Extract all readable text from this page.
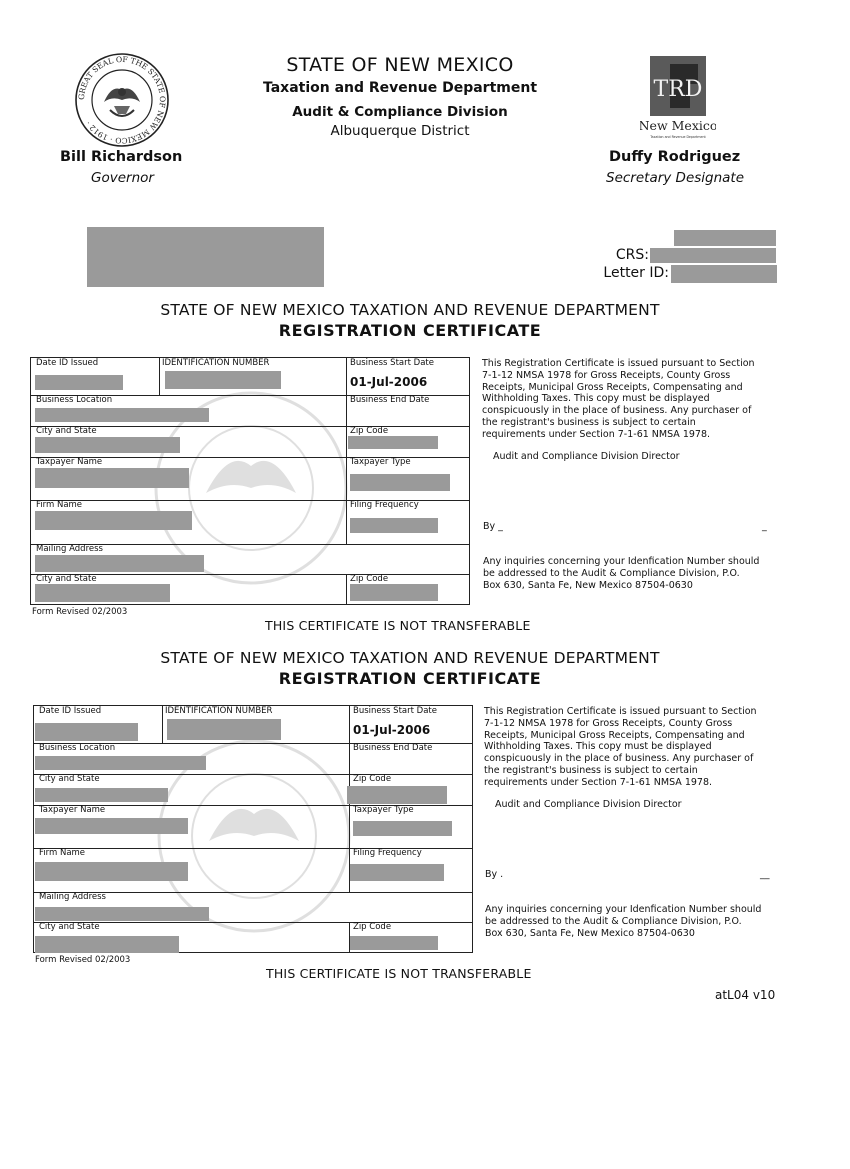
GREAT SEAL OF THE STATE OF NEW MEXICO · 1912 ·
TRD
New Mexico
Taxation and Revenue Department
STATE OF NEW MEXICO
Taxation and Revenue Department
Audit & Compliance Division
Albuquerque District
Bill Richardson
Governor
Duffy Rodriguez
Secretary Designate
CRS:
Letter ID:
STATE OF NEW MEXICO TAXATION AND REVENUE DEPARTMENT
REGISTRATION CERTIFICATE
Date ID Issued	IDENTIFICATION NUMBER	Business Start Date
01-Jul-2006
Business Location	Business End Date
City and State	Zip Code
Taxpayer Name	Taxpayer Type
Firm Name	Filing Frequency
Mailing Address
City and State	Zip Code
Form Revised 02/2003
This Registration Certificate is issued pursuant to Section
7-1-12 NMSA 1978 for Gross Receipts, County Gross
Receipts, Municipal Gross Receipts, Compensating and
Withholding Taxes. This copy must be displayed
conspicuously in the place of business. Any purchaser of
the registrant's business is subject to certain
requirements under Section 7-1-61 NMSA 1978.
Audit and Compliance Division Director
By _	_
Any inquiries concerning your Idenfication Number should
be addressed to the Audit & Compliance Division, P.O.
Box 630, Santa Fe, New Mexico 87504-0630
THIS CERTIFICATE IS NOT TRANSFERABLE
STATE OF NEW MEXICO TAXATION AND REVENUE DEPARTMENT
REGISTRATION CERTIFICATE
Date ID Issued	IDENTIFICATION NUMBER	Business Start Date
01-Jul-2006
Business Location	Business End Date
City and State	Zip Code
Taxpayer Name	Taxpayer Type
Firm Name	Filing Frequency
Mailing Address
City and State	Zip Code
Form Revised 02/2003
This Registration Certificate is issued pursuant to Section
7-1-12 NMSA 1978 for Gross Receipts, County Gross
Receipts, Municipal Gross Receipts, Compensating and
Withholding Taxes. This copy must be displayed
conspicuously in the place of business. Any purchaser of
the registrant's business is subject to certain
requirements under Section 7-1-61 NMSA 1978.
Audit and Compliance Division Director
By .	__
Any inquiries concerning your Idenfication Number should
be addressed to the Audit & Compliance Division, P.O.
Box 630, Santa Fe, New Mexico 87504-0630
THIS CERTIFICATE IS NOT TRANSFERABLE
atL04 v10
